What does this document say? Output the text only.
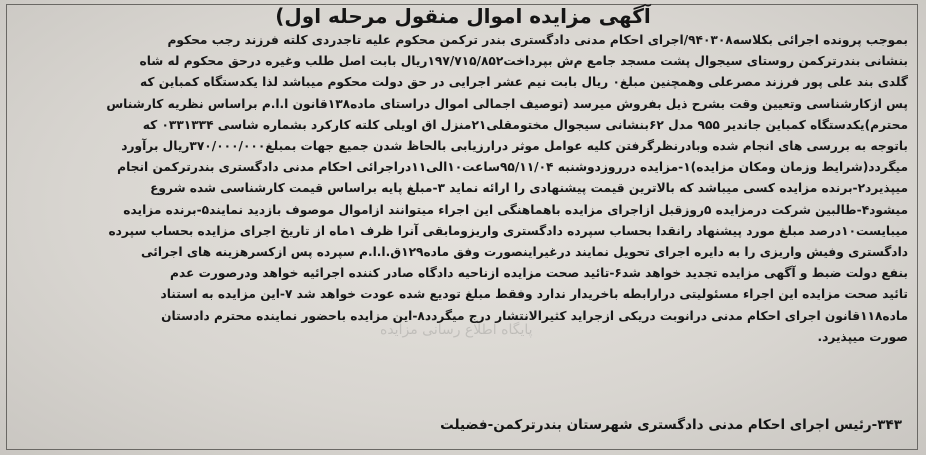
آگهی مزایده اموال منقول مرحله اول)
بموجب پرونده اجرائی بکلاسه۹۴۰۳۰۸/اجرای احکام مدنی دادگستری بندر ترکمن محکوم علیه تاجدردی کلته فرزند رجب محکوم
بنشانی بندرترکمن روستای سیجوال پشت مسجد جامع م‌ش بپرداخت۱۹۷/۷۱۵/۸۵۲ریال بابت اصل طلب وغیره درحق محکوم له شاه
گلدی بند علی پور فرزند مصرعلی وهمچنین مبلغ۰ ریال بابت نیم عشر اجرایی در حق دولت محکوم میباشد لذا یکدستگاه کمباین که
پس ازکارشناسی وتعیین وقت بشرح ذیل بفروش میرسد (توصیف اجمالی اموال دراستای ماده۱۳۸قانون ا.ا.م براساس نظریه کارشناس
محترم)یکدستگاه کمباین جاندیر ۹۵۵ مدل ۶۲بنشانی سیجوال مختومقلی۲۱منزل اق اویلی کلته کارکرد بشماره شاسی ۰۳۳۱۳۳۴ که
باتوجه به بررسی های انجام شده وبادرنظرگرفتن کلیه عوامل موثر درارزیابی بالحاظ شدن جمیع جهات بمبلغ۳۷۰/۰۰۰/۰۰۰ریال برآورد
میگردد(شرایط وزمان ومکان مزایده)۱-مزایده درروزدوشنبه ۹۵/۱۱/۰۴ساعت۱۰الی۱۱دراجرائی احکام مدنی دادگستری بندرترکمن انجام
میپذیرد۲-برنده مزایده کسی میباشد که بالاترین قیمت پیشنهادی را ارائه نماید ۳-مبلغ پایه براساس قیمت کارشناسی شده شروع
میشود۴-طالبین شرکت درمزایده ۵روزقبل ازاجرای مزایده باهماهنگی این اجراء میتوانند ازاموال موصوف بازدید نمایند۵-برنده مزایده
میبایست۱۰درصد مبلغ مورد پیشنهاد رانقدا بحساب سپرده دادگستری واریزومابقی آنرا ظرف ۱ماه از تاریخ اجرای مزایده بحساب سپرده
دادگستری وفیش واریزی را به دایره اجرای تحویل نمایند درغیراینصورت وفق ماده۱۲۹ق.ا.ا.م سپرده پس ازکسرهزینه های اجرائی
بنفع دولت ضبط و آگهی مزایده تجدید خواهد شد۶-تائید صحت مزایده ازناحیه دادگاه صادر کننده اجرائیه خواهد ودرصورت عدم
تائید صحت مزایده این اجراء مسئولیتی درارابطه باخریدار ندارد وفقط مبلغ تودیع شده عودت خواهد شد ۷-این مزایده به استناد
ماده۱۱۸قانون اجرای احکام مدنی درانوبت دریکی ازجراید کثیرالانتشار درج میگردد۸-این مزایده باحضور نماینده محترم دادستان
صورت میپذیرد.
پایگاه اطلاع رسانی مزایده
۳۴۳-رئیس اجرای احکام مدنی دادگستری شهرستان بندرترکمن-فضیلت
